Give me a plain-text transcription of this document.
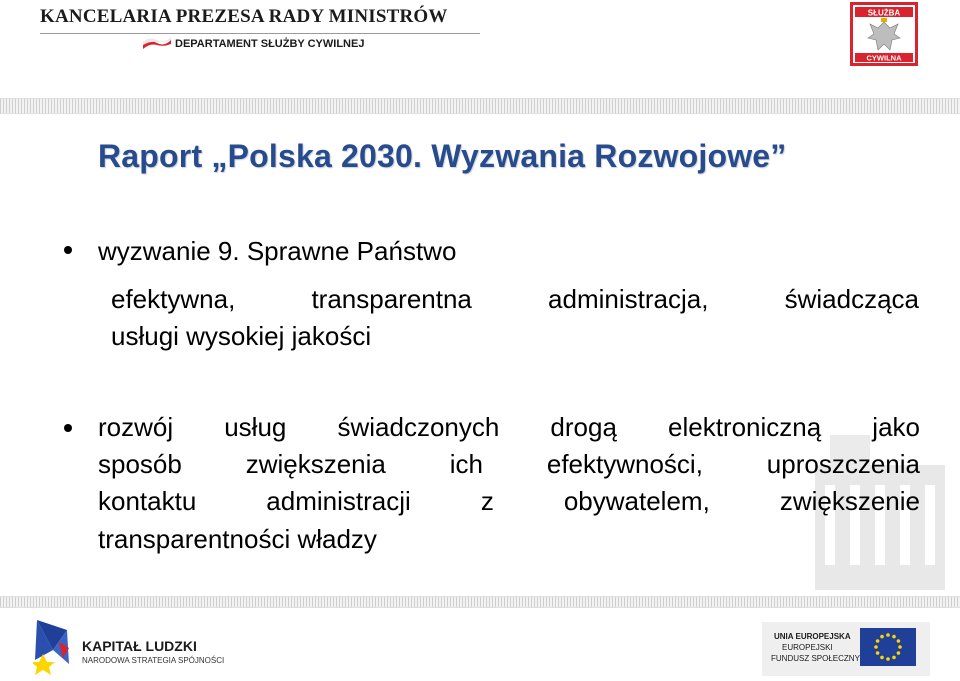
KANCELARIA PREZESA RADY MINISTRÓW
DEPARTAMENT SŁUŻBY CYWILNEJ
SŁUŻBA
CYWILNA
Raport „Polska 2030. Wyzwania Rozwojowe”
wyzwanie 9. Sprawne Państwo
efektywna, transparentna administracja, świadcząca
usługi wysokiej jakości
rozwój usług świadczonych drogą elektroniczną jako
sposób zwiększenia ich efektywności, uproszczenia
kontaktu administracji z obywatelem, zwiększenie
transparentności władzy
KAPITAŁ LUDZKI
NARODOWA STRATEGIA SPÓJNOŚCI
UNIA EUROPEJSKA
EUROPEJSKI
FUNDUSZ SPOŁECZNY
